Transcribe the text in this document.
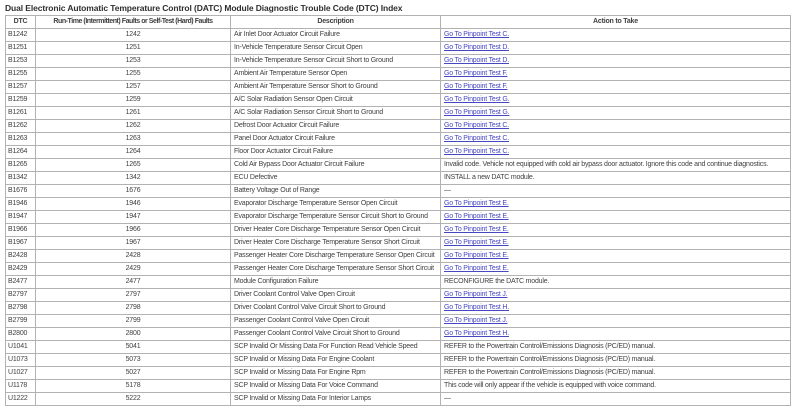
Dual Electronic Automatic Temperature Control (DATC) Module Diagnostic Trouble Code (DTC) Index
DTC	Run-Time (Intermittent) Faults or Self-Test (Hard) Faults	Description	Action to Take
B1242	1242	Air Inlet Door Actuator Circuit Failure	Go To Pinpoint Test C.
B1251	1251	In-Vehicle Temperature Sensor Circuit Open	Go To Pinpoint Test D.
B1253	1253	In-Vehicle Temperature Sensor Circuit Short to Ground	Go To Pinpoint Test D.
B1255	1255	Ambient Air Temperature Sensor Open	Go To Pinpoint Test F.
B1257	1257	Ambient Air Temperature Sensor Short to Ground	Go To Pinpoint Test F.
B1259	1259	A/C Solar Radiation Sensor Open Circuit	Go To Pinpoint Test G.
B1261	1261	A/C Solar Radiation Sensor Circuit Short to Ground	Go To Pinpoint Test G.
B1262	1262	Defrost Door Actuator Circuit Failure	Go To Pinpoint Test C.
B1263	1263	Panel Door Actuator Circuit Failure	Go To Pinpoint Test C.
B1264	1264	Floor Door Actuator Circuit Failure	Go To Pinpoint Test C.
B1265	1265	Cold Air Bypass Door Actuator Circuit Failure	Invalid code. Vehicle not equipped with cold air bypass door actuator. Ignore this code and continue diagnostics.
B1342	1342	ECU Defective	INSTALL a new DATC module.
B1676	1676	Battery Voltage Out of Range	—
B1946	1946	Evaporator Discharge Temperature Sensor Open Circuit	Go To Pinpoint Test E.
B1947	1947	Evaporator Discharge Temperature Sensor Circuit Short to Ground	Go To Pinpoint Test E.
B1966	1966	Driver Heater Core Discharge Temperature Sensor Open Circuit	Go To Pinpoint Test E.
B1967	1967	Driver Heater Core Discharge Temperature Sensor Short Circuit	Go To Pinpoint Test E.
B2428	2428	Passenger Heater Core Discharge Temperature Sensor Open Circuit	Go To Pinpoint Test E.
B2429	2429	Passenger Heater Core Discharge Temperature Sensor Short Circuit	Go To Pinpoint Test E.
B2477	2477	Module Configuration Failure	RECONFIGURE the DATC module.
B2797	2797	Driver Coolant Control Valve Open Circuit	Go To Pinpoint Test J.
B2798	2798	Driver Coolant Control Valve Circuit Short to Ground	Go To Pinpoint Test H.
B2799	2799	Passenger Coolant Control Valve Open Circuit	Go To Pinpoint Test J.
B2800	2800	Passenger Coolant Control Valve Circuit Short to Ground	Go To Pinpoint Test H.
U1041	5041	SCP Invalid Or Missing Data For Function Read Vehicle Speed	REFER to the Powertrain Control/Emissions Diagnosis (PC/ED) manual.
U1073	5073	SCP Invalid or Missing Data For Engine Coolant	REFER to the Powertrain Control/Emissions Diagnosis (PC/ED) manual.
U1027	5027	SCP Invalid or Missing Data For Engine Rpm	REFER to the Powertrain Control/Emissions Diagnosis (PC/ED) manual.
U1178	5178	SCP Invalid or Missing Data For Voice Command	This code will only appear if the vehicle is equipped with voice command.
U1222	5222	SCP Invalid or Missing Data For Interior Lamps	—
